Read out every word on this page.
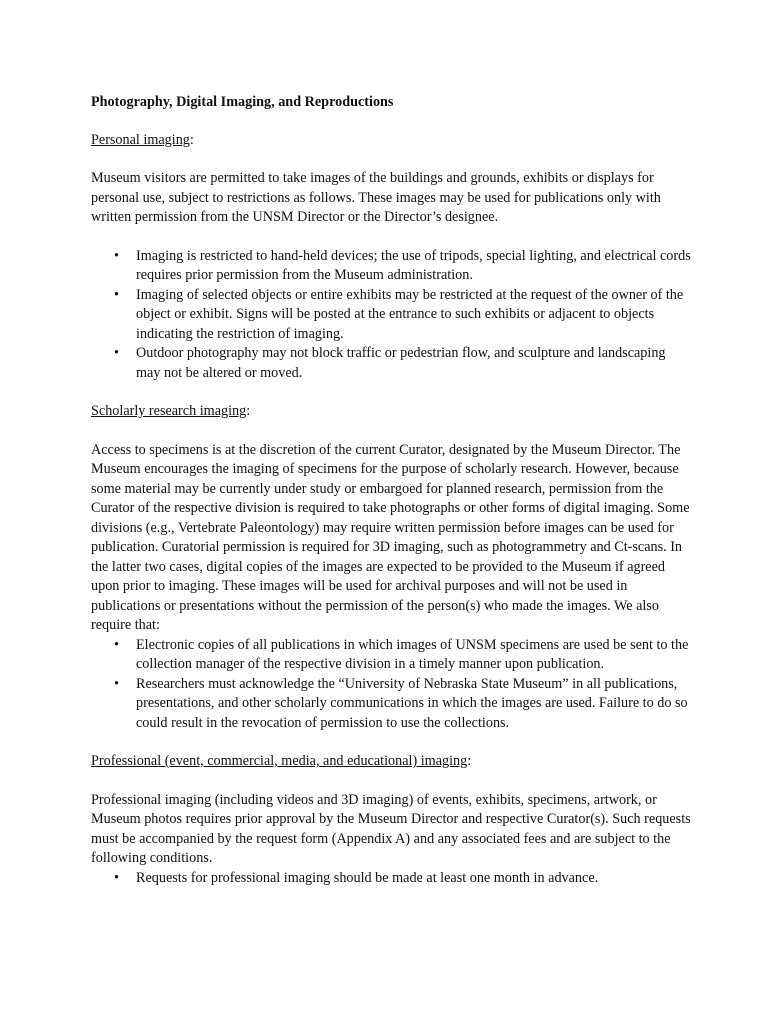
Photography, Digital Imaging, and Reproductions
Personal imaging:
Museum visitors are permitted to take images of the buildings and grounds, exhibits or displays for personal use, subject to restrictions as follows. These images may be used for publications only with written permission from the UNSM Director or the Director’s designee.
• Imaging is restricted to hand-held devices; the use of tripods, special lighting, and electrical cords requires prior permission from the Museum administration.
• Imaging of selected objects or entire exhibits may be restricted at the request of the owner of the object or exhibit. Signs will be posted at the entrance to such exhibits or adjacent to objects indicating the restriction of imaging.
• Outdoor photography may not block traffic or pedestrian flow, and sculpture and landscaping may not be altered or moved.
Scholarly research imaging:
Access to specimens is at the discretion of the current Curator, designated by the Museum Director. The Museum encourages the imaging of specimens for the purpose of scholarly research. However, because some material may be currently under study or embargoed for planned research, permission from the Curator of the respective division is required to take photographs or other forms of digital imaging. Some divisions (e.g., Vertebrate Paleontology) may require written permission before images can be used for publication. Curatorial permission is required for 3D imaging, such as photogrammetry and Ct-scans. In the latter two cases, digital copies of the images are expected to be provided to the Museum if agreed upon prior to imaging. These images will be used for archival purposes and will not be used in publications or presentations without the permission of the person(s) who made the images. We also require that:
• Electronic copies of all publications in which images of UNSM specimens are used be sent to the collection manager of the respective division in a timely manner upon publication.
• Researchers must acknowledge the “University of Nebraska State Museum” in all publications, presentations, and other scholarly communications in which the images are used. Failure to do so could result in the revocation of permission to use the collections.
Professional (event, commercial, media, and educational) imaging:
Professional imaging (including videos and 3D imaging) of events, exhibits, specimens, artwork, or Museum photos requires prior approval by the Museum Director and respective Curator(s). Such requests must be accompanied by the request form (Appendix A) and any associated fees and are subject to the following conditions.
• Requests for professional imaging should be made at least one month in advance.
